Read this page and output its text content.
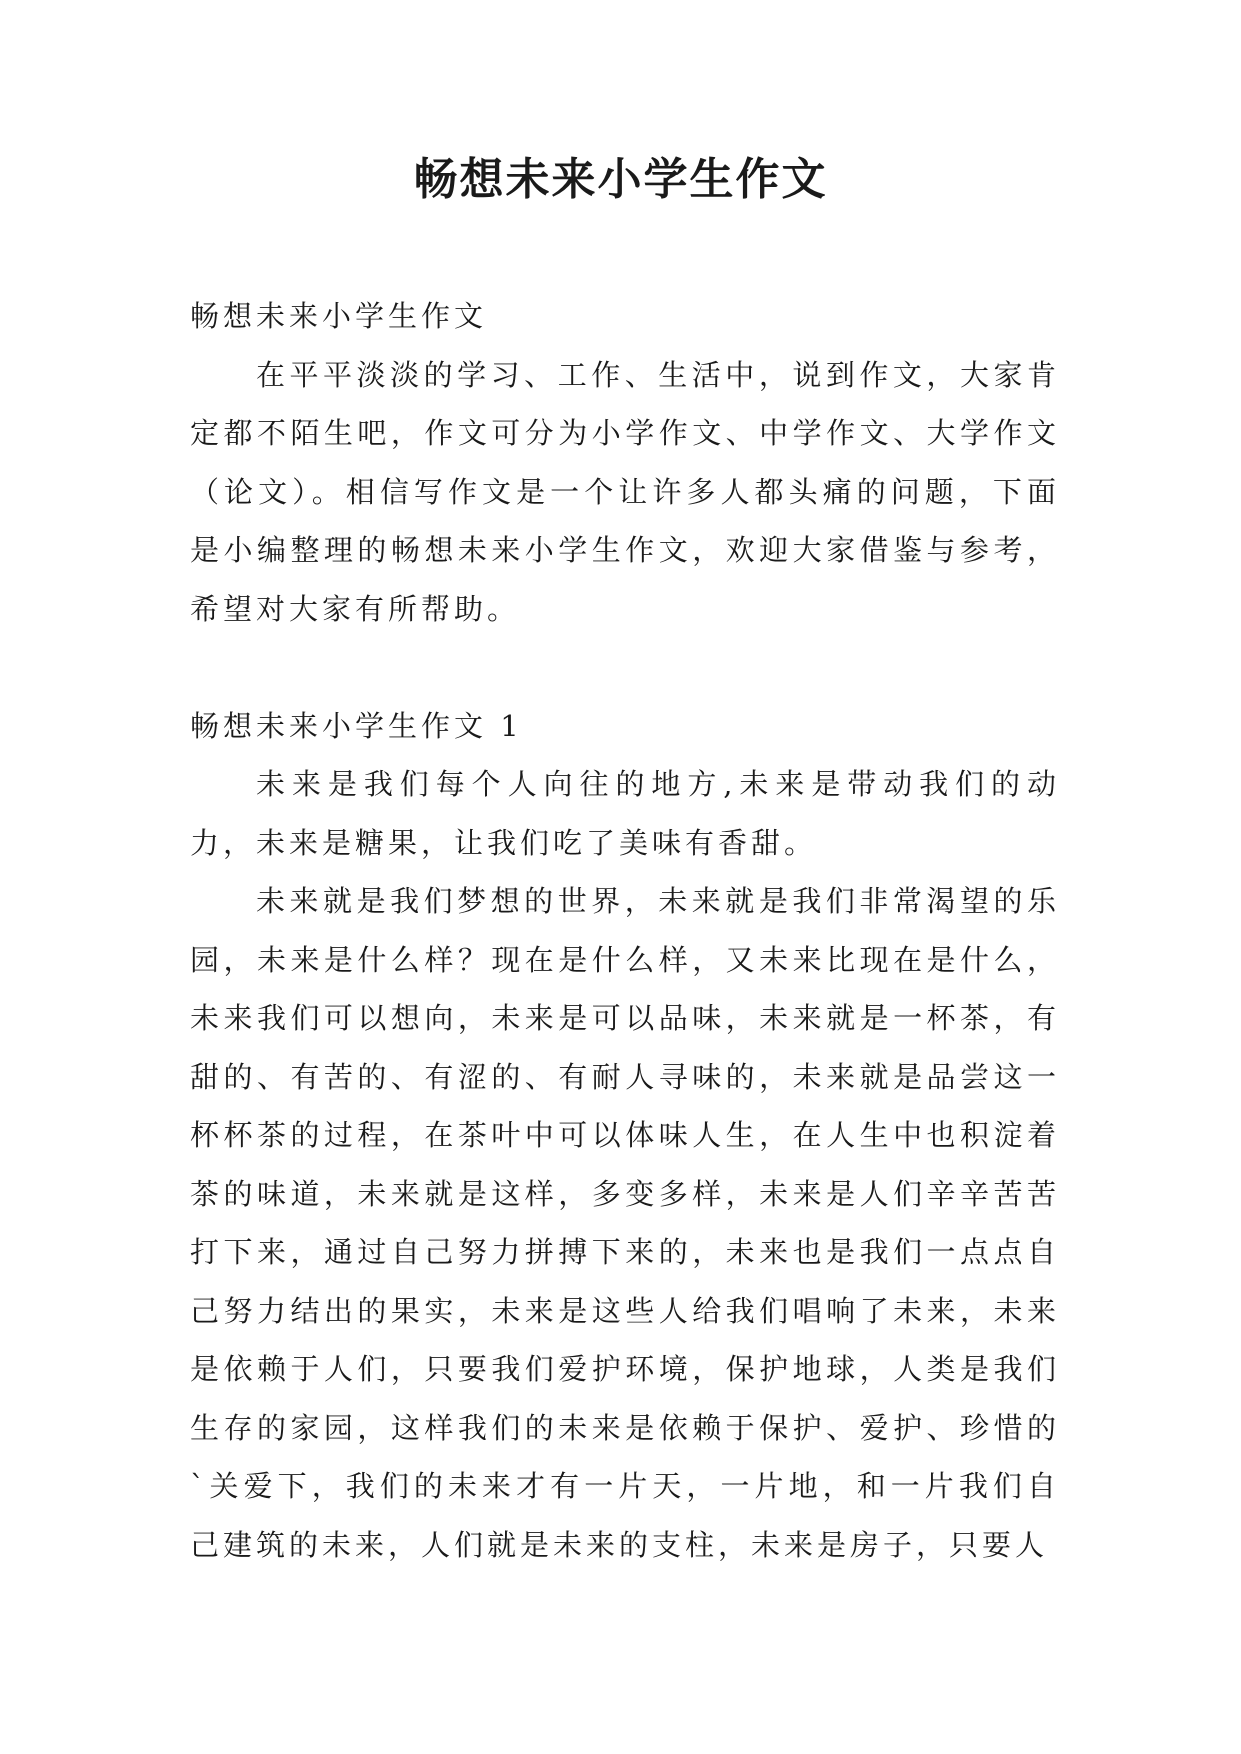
畅想未来小学生作文

畅想未来小学生作文

在平平淡淡的学习、工作、生活中，说到作文，大家肯定都不陌生吧，作文可分为小学作文、中学作文、大学作文（论文）。相信写作文是一个让许多人都头痛的问题，下面是小编整理的畅想未来小学生作文，欢迎大家借鉴与参考，希望对大家有所帮助。

畅想未来小学生作文 1

未来是我们每个人向往的地方,未来是带动我们的动力，未来是糖果，让我们吃了美味有香甜。

未来就是我们梦想的世界，未来就是我们非常渴望的乐园，未来是什么样？现在是什么样，又未来比现在是什么，未来我们可以想向，未来是可以品味，未来就是一杯茶，有甜的、有苦的、有涩的、有耐人寻味的，未来就是品尝这一杯杯茶的过程，在茶叶中可以体味人生，在人生中也积淀着茶的味道，未来就是这样，多变多样，未来是人们辛辛苦苦打下来，通过自己努力拼搏下来的，未来也是我们一点点自己努力结出的果实，未来是这些人给我们唱响了未来，未来是依赖于人们，只要我们爱护环境，保护地球，人类是我们生存的家园，这样我们的未来是依赖于保护、爱护、珍惜的`关爱下，我们的未来才有一片天，一片地，和一片我们自己建筑的未来，人们就是未来的支柱，未来是房子，只要人
